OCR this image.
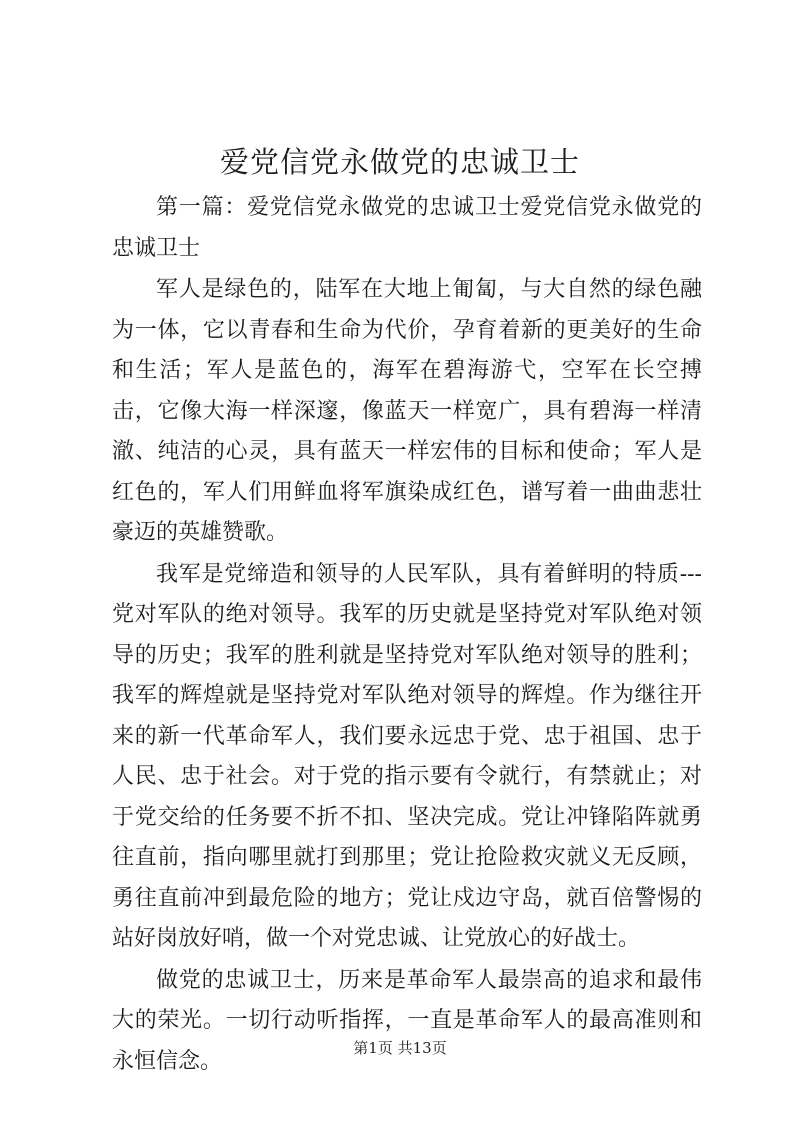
爱党信党永做党的忠诚卫士

第一篇：爱党信党永做党的忠诚卫士爱党信党永做党的忠诚卫士

军人是绿色的，陆军在大地上匍匐，与大自然的绿色融为一体，它以青春和生命为代价，孕育着新的更美好的生命和生活；军人是蓝色的，海军在碧海游弋，空军在长空搏击，它像大海一样深邃，像蓝天一样宽广，具有碧海一样清澈、纯洁的心灵，具有蓝天一样宏伟的目标和使命；军人是红色的，军人们用鲜血将军旗染成红色，谱写着一曲曲悲壮豪迈的英雄赞歌。

我军是党缔造和领导的人民军队，具有着鲜明的特质---党对军队的绝对领导。我军的历史就是坚持党对军队绝对领导的历史；我军的胜利就是坚持党对军队绝对领导的胜利；我军的辉煌就是坚持党对军队绝对领导的辉煌。作为继往开来的新一代革命军人，我们要永远忠于党、忠于祖国、忠于人民、忠于社会。对于党的指示要有令就行，有禁就止；对于党交给的任务要不折不扣、坚决完成。党让冲锋陷阵就勇往直前，指向哪里就打到那里；党让抢险救灾就义无反顾，勇往直前冲到最危险的地方；党让戍边守岛，就百倍警惕的站好岗放好哨，做一个对党忠诚、让党放心的好战士。

做党的忠诚卫士，历来是革命军人最崇高的追求和最伟大的荣光。一切行动听指挥，一直是革命军人的最高准则和永恒信念。

第1页 共13页
